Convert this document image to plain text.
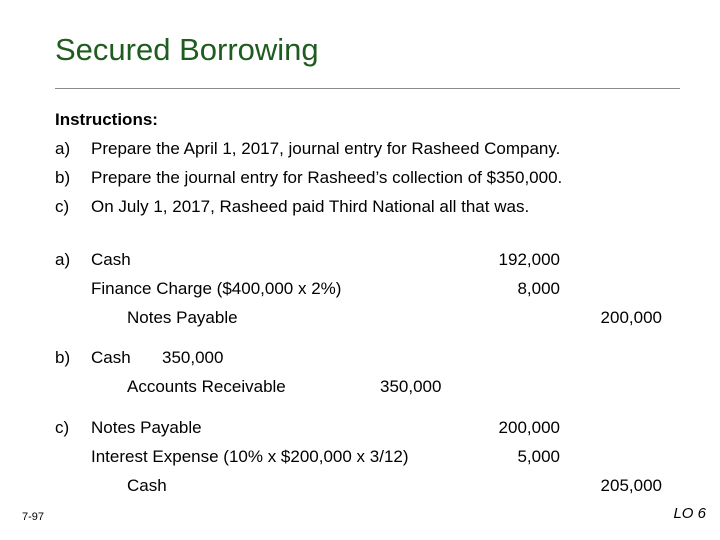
Secured Borrowing
Instructions:
a) Prepare the April 1, 2017, journal entry for Rasheed Company.
b) Prepare the journal entry for Rasheed’s collection of $350,000.
c) On July 1, 2017, Rasheed paid Third National all that was.
a) Cash	192,000
Finance Charge ($400,000 x 2%)	8,000
Notes Payable	200,000
b) Cash 350,000
Accounts Receivable	350,000
c) Notes Payable	200,000
Interest Expense (10% x $200,000 x 3/12)	5,000
Cash	205,000
7-97	LO 6
